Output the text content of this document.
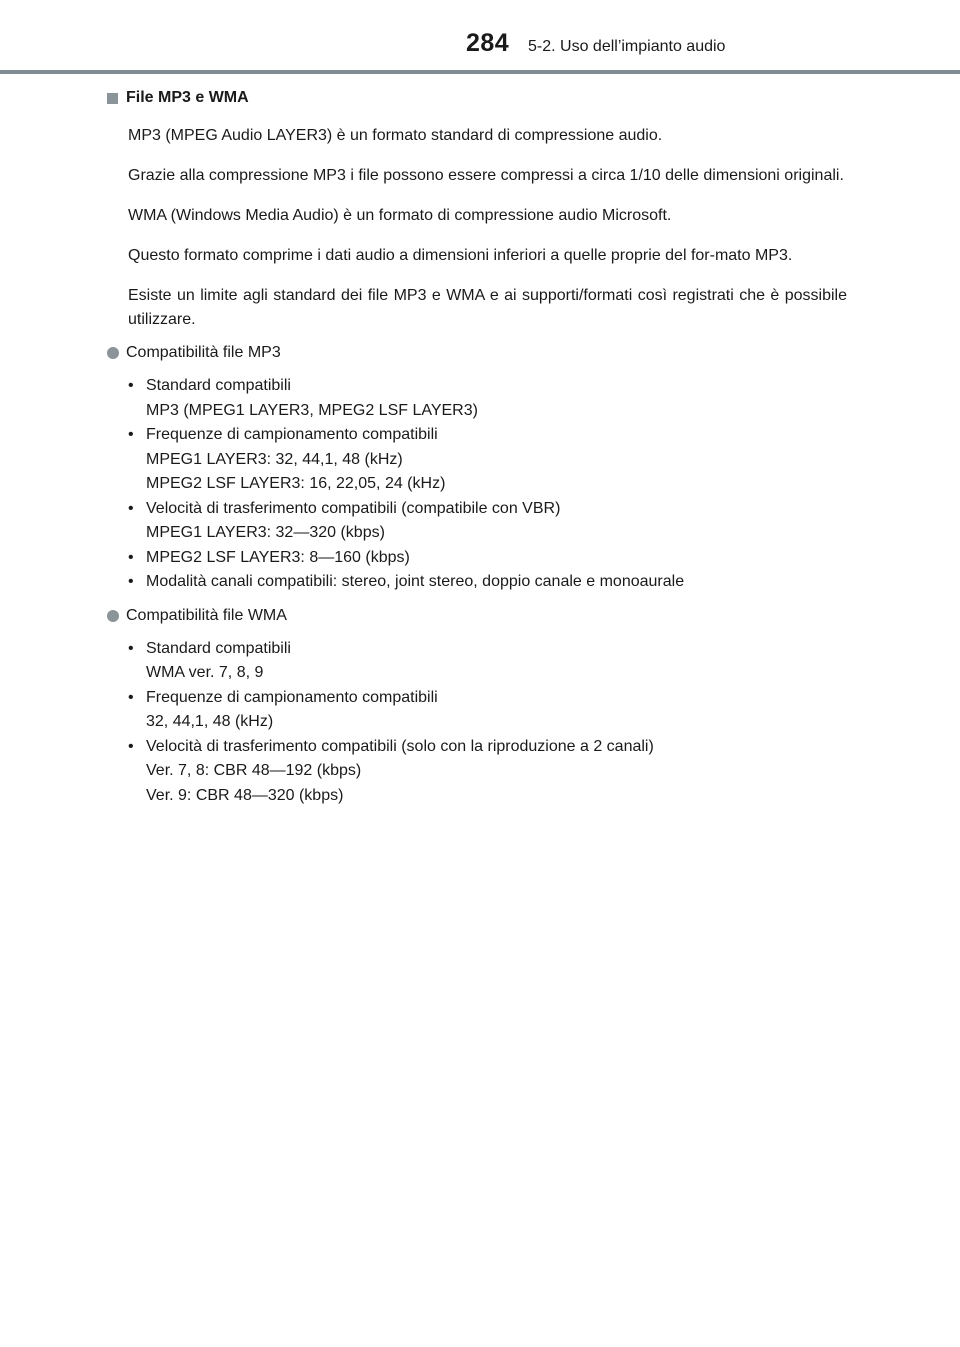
284 5-2. Uso dell’impianto audio
File MP3 e WMA

MP3 (MPEG Audio LAYER3) è un formato standard di compressione audio.

Grazie alla compressione MP3 i file possono essere compressi a circa 1/10 delle dimensioni originali.

WMA (Windows Media Audio) è un formato di compressione audio Microsoft.

Questo formato comprime i dati audio a dimensioni inferiori a quelle proprie del for-mato MP3.

Esiste un limite agli standard dei file MP3 e WMA e ai supporti/formati così registrati che è possibile utilizzare.

Compatibilità file MP3
• Standard compatibili
MP3 (MPEG1 LAYER3, MPEG2 LSF LAYER3)
• Frequenze di campionamento compatibili
MPEG1 LAYER3: 32, 44,1, 48 (kHz)
MPEG2 LSF LAYER3: 16, 22,05, 24 (kHz)
• Velocità di trasferimento compatibili (compatibile con VBR)
MPEG1 LAYER3: 32—320 (kbps)
• MPEG2 LSF LAYER3: 8—160 (kbps)
• Modalità canali compatibili: stereo, joint stereo, doppio canale e monoaurale
Compatibilità file WMA
• Standard compatibili
WMA ver. 7, 8, 9
• Frequenze di campionamento compatibili
32, 44,1, 48 (kHz)
• Velocità di trasferimento compatibili (solo con la riproduzione a 2 canali)
Ver. 7, 8: CBR 48—192 (kbps)
Ver. 9: CBR 48—320 (kbps)
